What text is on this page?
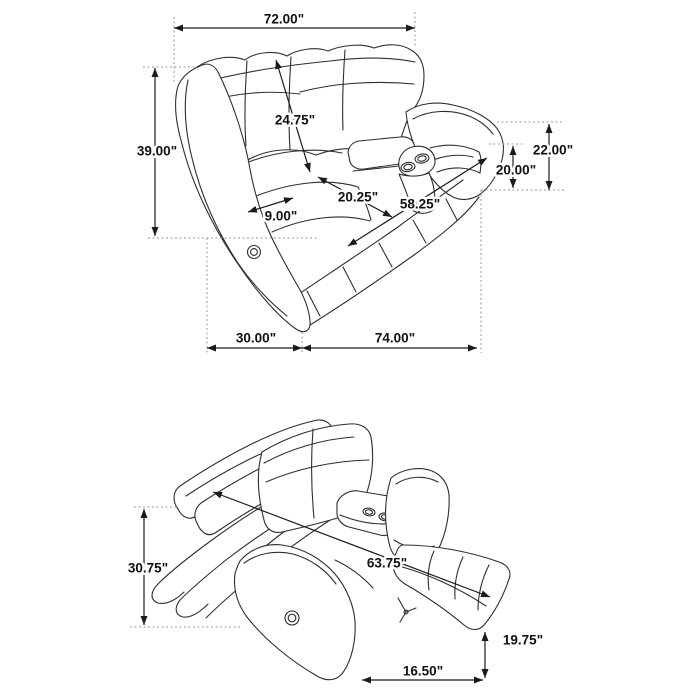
72.00"
39.00"
24.75"
9.00"
20.25" 58.25"
22.00"
20.00"
30.00"	74.00"
30.75"	63.75"
19.75"
16.50"
